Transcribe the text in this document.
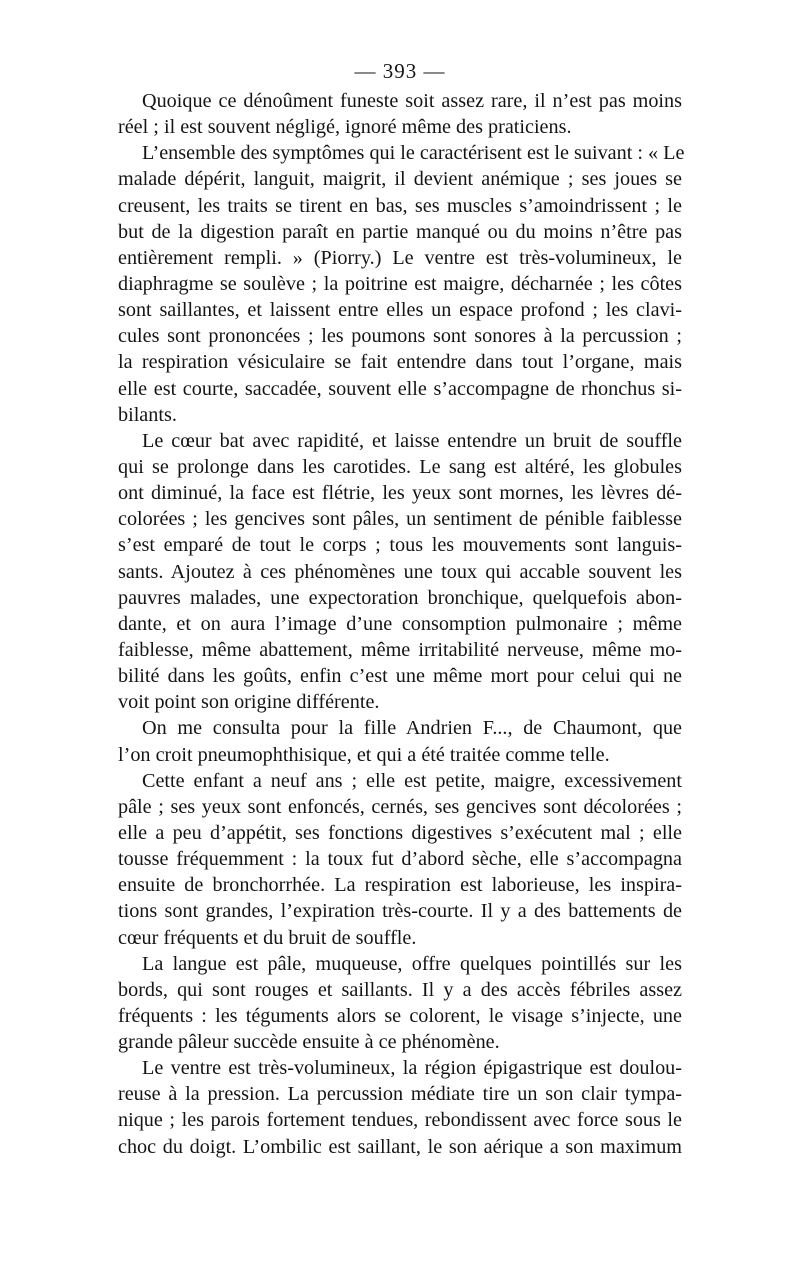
— 393 —
Quoique ce dénoûment funeste soit assez rare, il n’est pas moins
réel ; il est souvent négligé, ignoré même des praticiens.
L’ensemble des symptômes qui le caractérisent est le suivant : « Le
malade dépérit, languit, maigrit, il devient anémique ; ses joues se
creusent, les traits se tirent en bas, ses muscles s’amoindrissent ; le
but de la digestion paraît en partie manqué ou du moins n’être pas
entièrement rempli. » (Piorry.) Le ventre est très-volumineux, le
diaphragme se soulève ; la poitrine est maigre, décharnée ; les côtes
sont saillantes, et laissent entre elles un espace profond ; les clavi-
cules sont prononcées ; les poumons sont sonores à la percussion ;
la respiration vésiculaire se fait entendre dans tout l’organe, mais
elle est courte, saccadée, souvent elle s’accompagne de rhonchus si-
bilants.
Le cœur bat avec rapidité, et laisse entendre un bruit de souffle
qui se prolonge dans les carotides. Le sang est altéré, les globules
ont diminué, la face est flétrie, les yeux sont mornes, les lèvres dé-
colorées ; les gencives sont pâles, un sentiment de pénible faiblesse
s’est emparé de tout le corps ; tous les mouvements sont languis-
sants. Ajoutez à ces phénomènes une toux qui accable souvent les
pauvres malades, une expectoration bronchique, quelquefois abon-
dante, et on aura l’image d’une consomption pulmonaire ; même
faiblesse, même abattement, même irritabilité nerveuse, même mo-
bilité dans les goûts, enfin c’est une même mort pour celui qui ne
voit point son origine différente.
On me consulta pour la fille Andrien F..., de Chaumont, que
l’on croit pneumophthisique, et qui a été traitée comme telle.
Cette enfant a neuf ans ; elle est petite, maigre, excessivement
pâle ; ses yeux sont enfoncés, cernés, ses gencives sont décolorées ;
elle a peu d’appétit, ses fonctions digestives s’exécutent mal ; elle
tousse fréquemment : la toux fut d’abord sèche, elle s’accompagna
ensuite de bronchorrhée. La respiration est laborieuse, les inspira-
tions sont grandes, l’expiration très-courte. Il y a des battements de
cœur fréquents et du bruit de souffle.
La langue est pâle, muqueuse, offre quelques pointillés sur les
bords, qui sont rouges et saillants. Il y a des accès fébriles assez
fréquents : les téguments alors se colorent, le visage s’injecte, une
grande pâleur succède ensuite à ce phénomène.
Le ventre est très-volumineux, la région épigastrique est doulou-
reuse à la pression. La percussion médiate tire un son clair tympa-
nique ; les parois fortement tendues, rebondissent avec force sous le
choc du doigt. L’ombilic est saillant, le son aérique a son maximum
